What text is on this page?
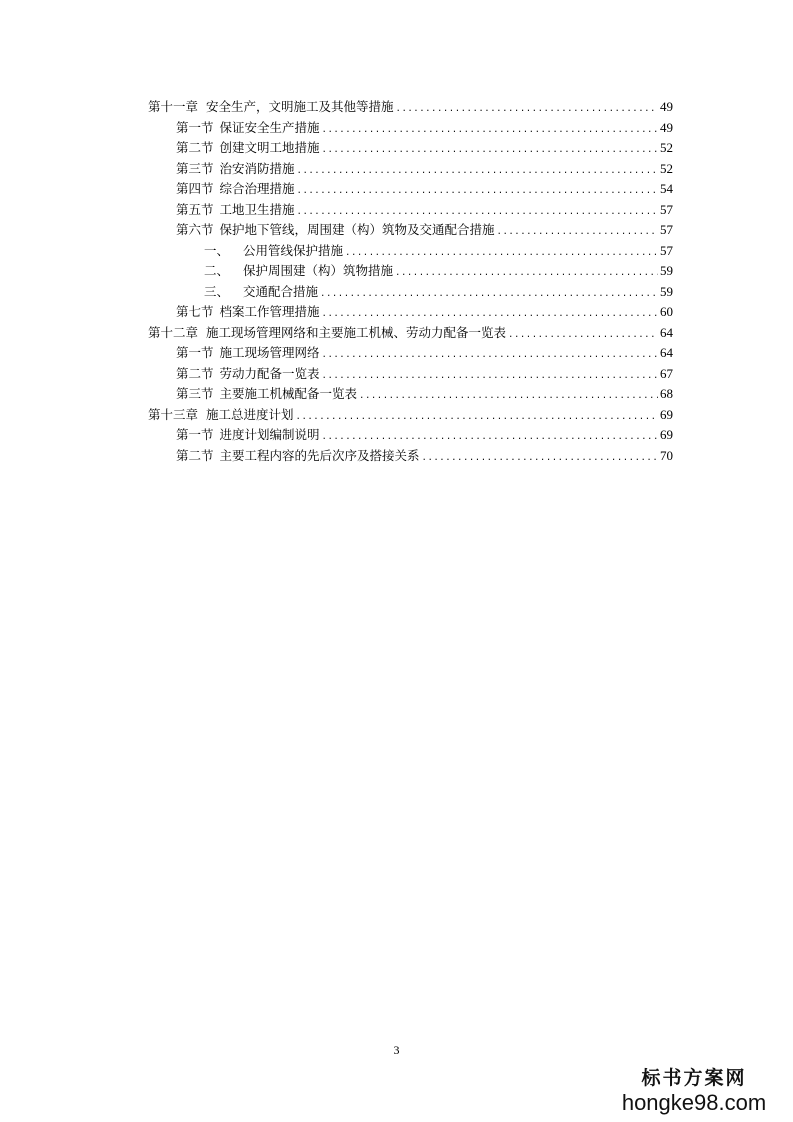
第十一章 安全生产，文明施工及其他等措施 .....	49
第一节 保证安全生产措施 .....	49
第二节 创建文明工地措施 .....	52
第三节 治安消防措施 .....	52
第四节 综合治理措施 .....	54
第五节 工地卫生措施 .....	57
第六节 保护地下管线，周围建（构）筑物及交通配合措施 .....	57
一、 公用管线保护措施 .....	57
二、 保护周围建（构）筑物措施 .....	59
三、 交通配合措施 .....	59
第七节 档案工作管理措施 .....	60
第十二章 施工现场管理网络和主要施工机械、劳动力配备一览表 .....	64
第一节 施工现场管理网络 .....	64
第二节 劳动力配备一览表 .....	67
第三节 主要施工机械配备一览表 .....	68
第十三章 施工总进度计划 .....	69
第一节 进度计划编制说明 .....	69
第二节 主要工程内容的先后次序及搭接关系 .....	70
3
标书方案网
hongke98.com
